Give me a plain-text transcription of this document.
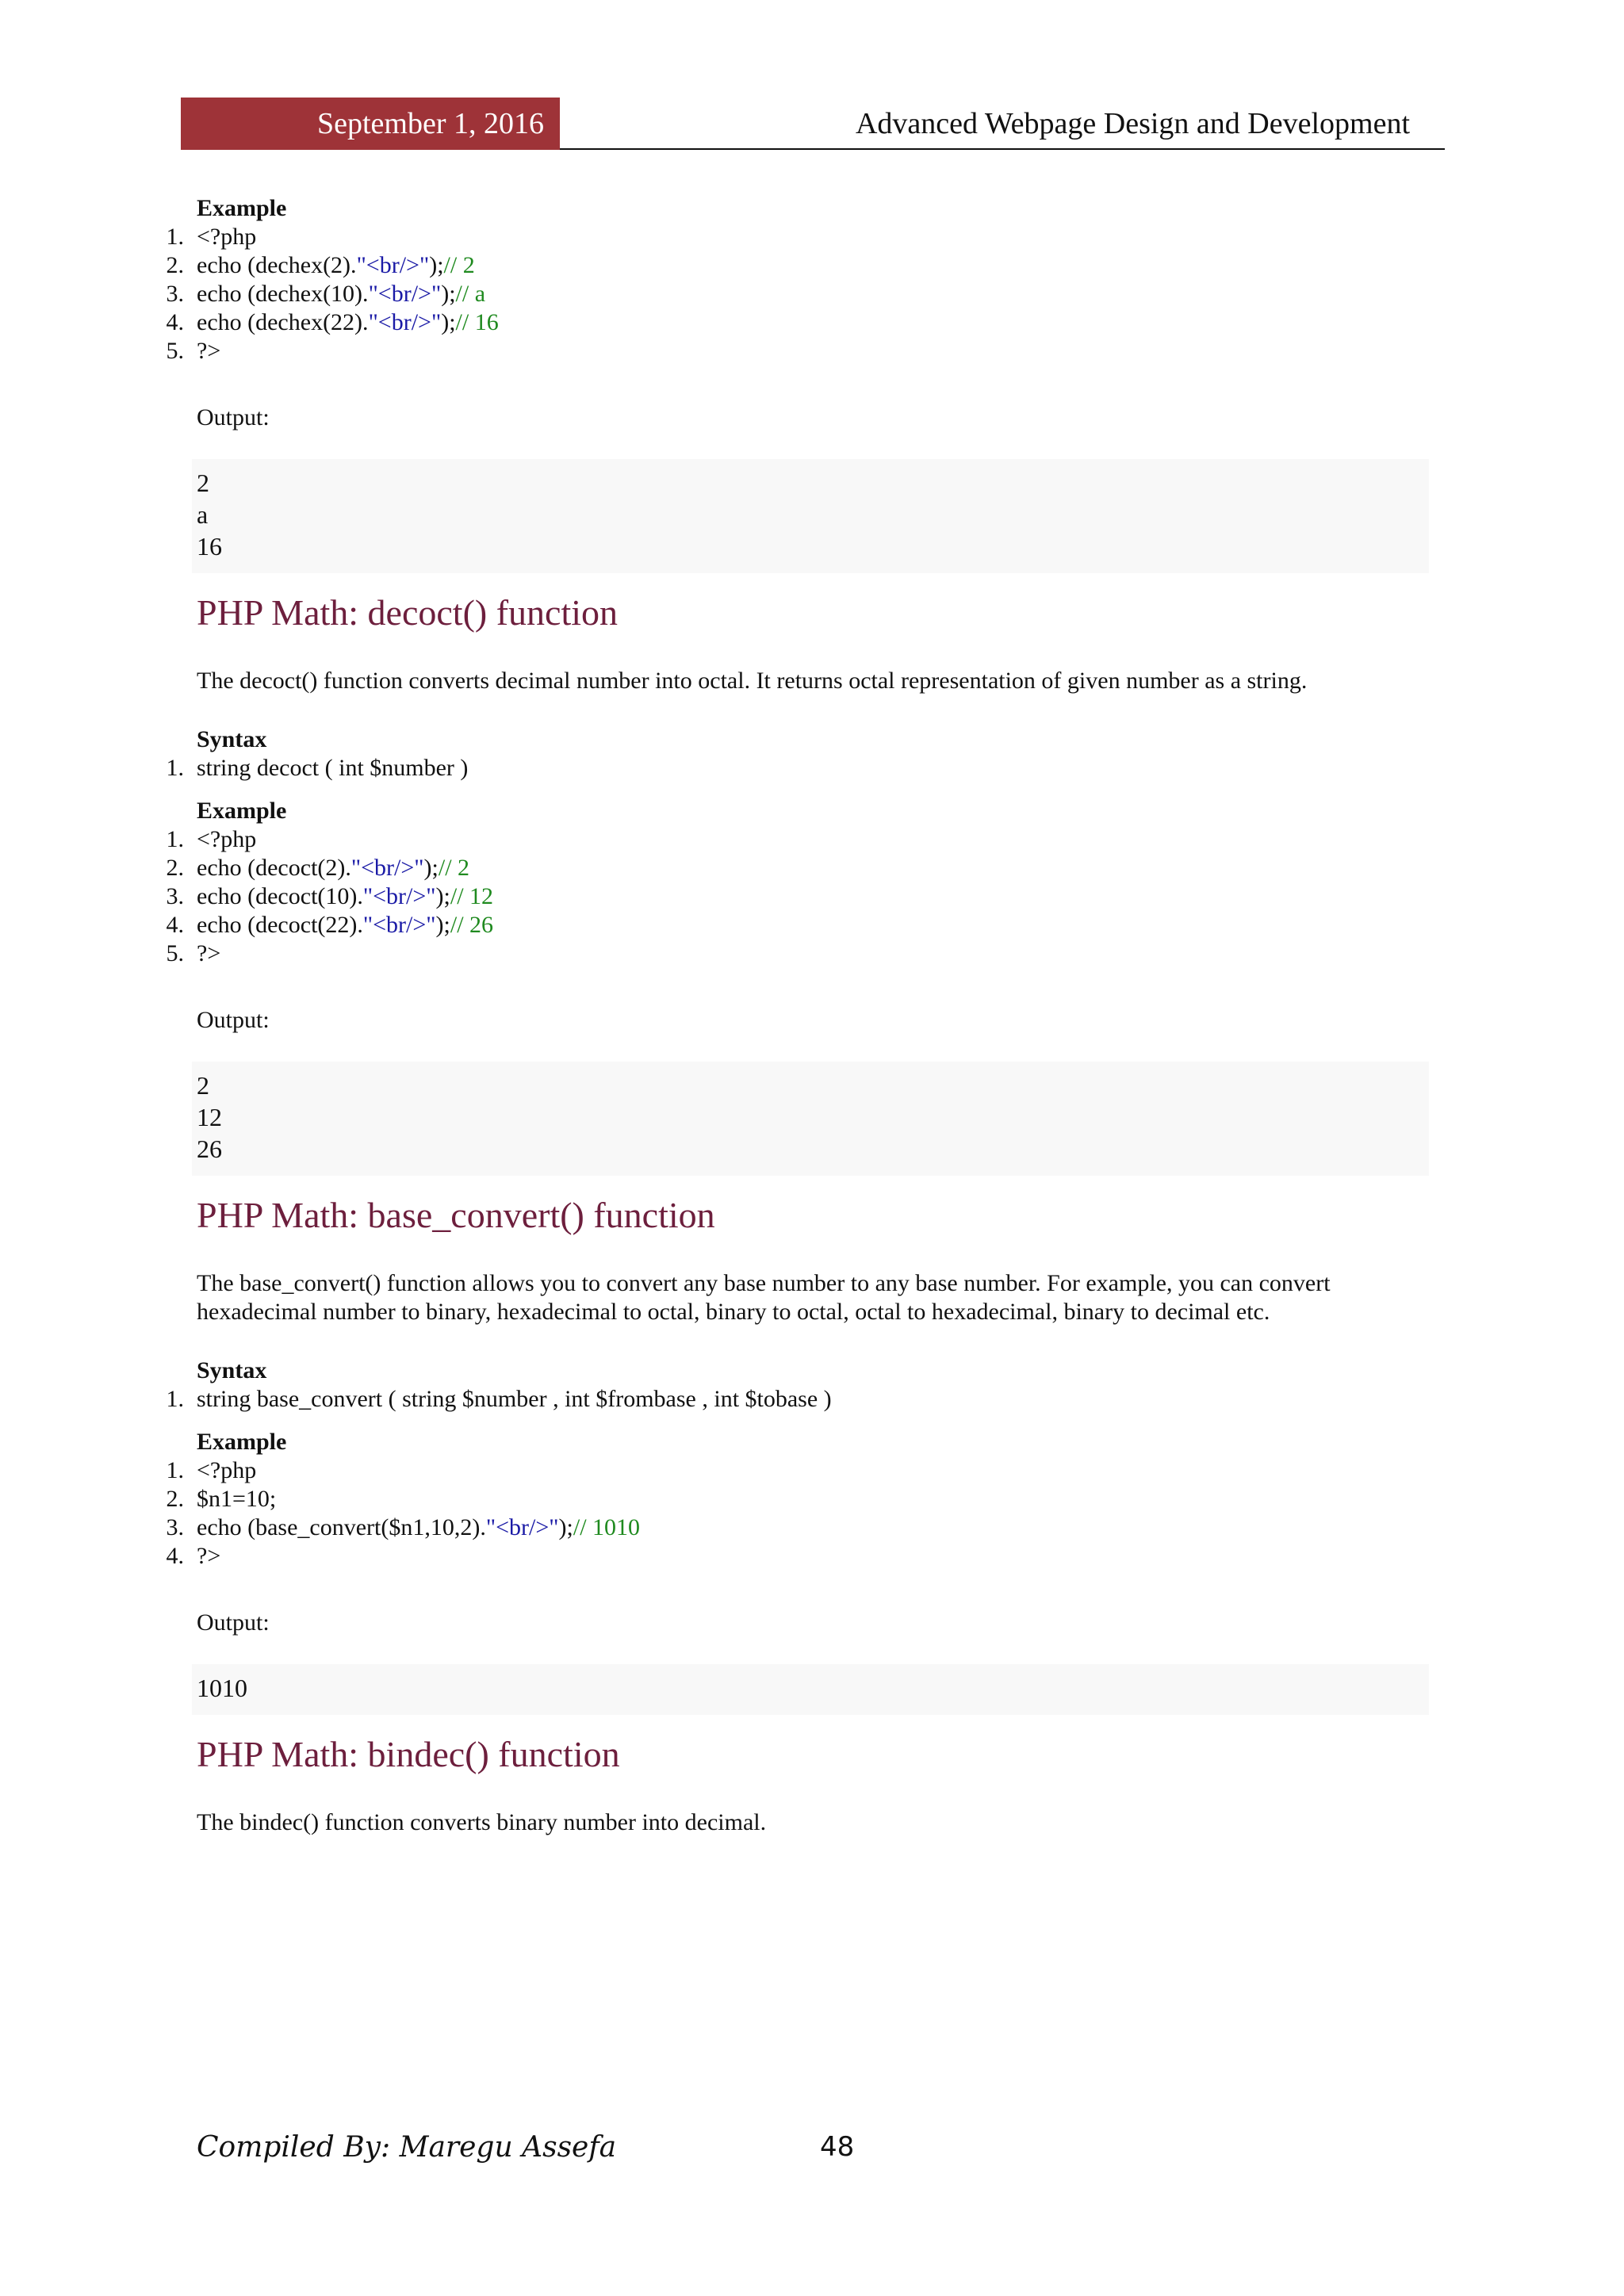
September 1, 2016	Advanced Webpage Design and Development

Example

1. <?php
2. echo (dechex(2)."<br/>");// 2
3. echo (dechex(10)."<br/>");// a
4. echo (dechex(22)."<br/>");// 16
5. ?>

Output:

2
a
16
PHP Math: decoct() function

The decoct() function converts decimal number into octal. It returns octal representation of given number as a string.

Syntax

1. string decoct ( int $number )

Example

1. <?php
2. echo (decoct(2)."<br/>");// 2
3. echo (decoct(10)."<br/>");// 12
4. echo (decoct(22)."<br/>");// 26
5. ?>

Output:

2
12
26
PHP Math: base_convert() function

The base_convert() function allows you to convert any base number to any base number. For example, you can convert hexadecimal number to binary, hexadecimal to octal, binary to octal, octal to hexadecimal, binary to decimal etc.

Syntax

1. string base_convert ( string $number , int $frombase , int $tobase )

Example

1. <?php
2. $n1=10;
3. echo (base_convert($n1,10,2)."<br/>");// 1010
4. ?>

Output:

1010
PHP Math: bindec() function

The bindec() function converts binary number into decimal.

Compiled By: Maregu Assefa	48
